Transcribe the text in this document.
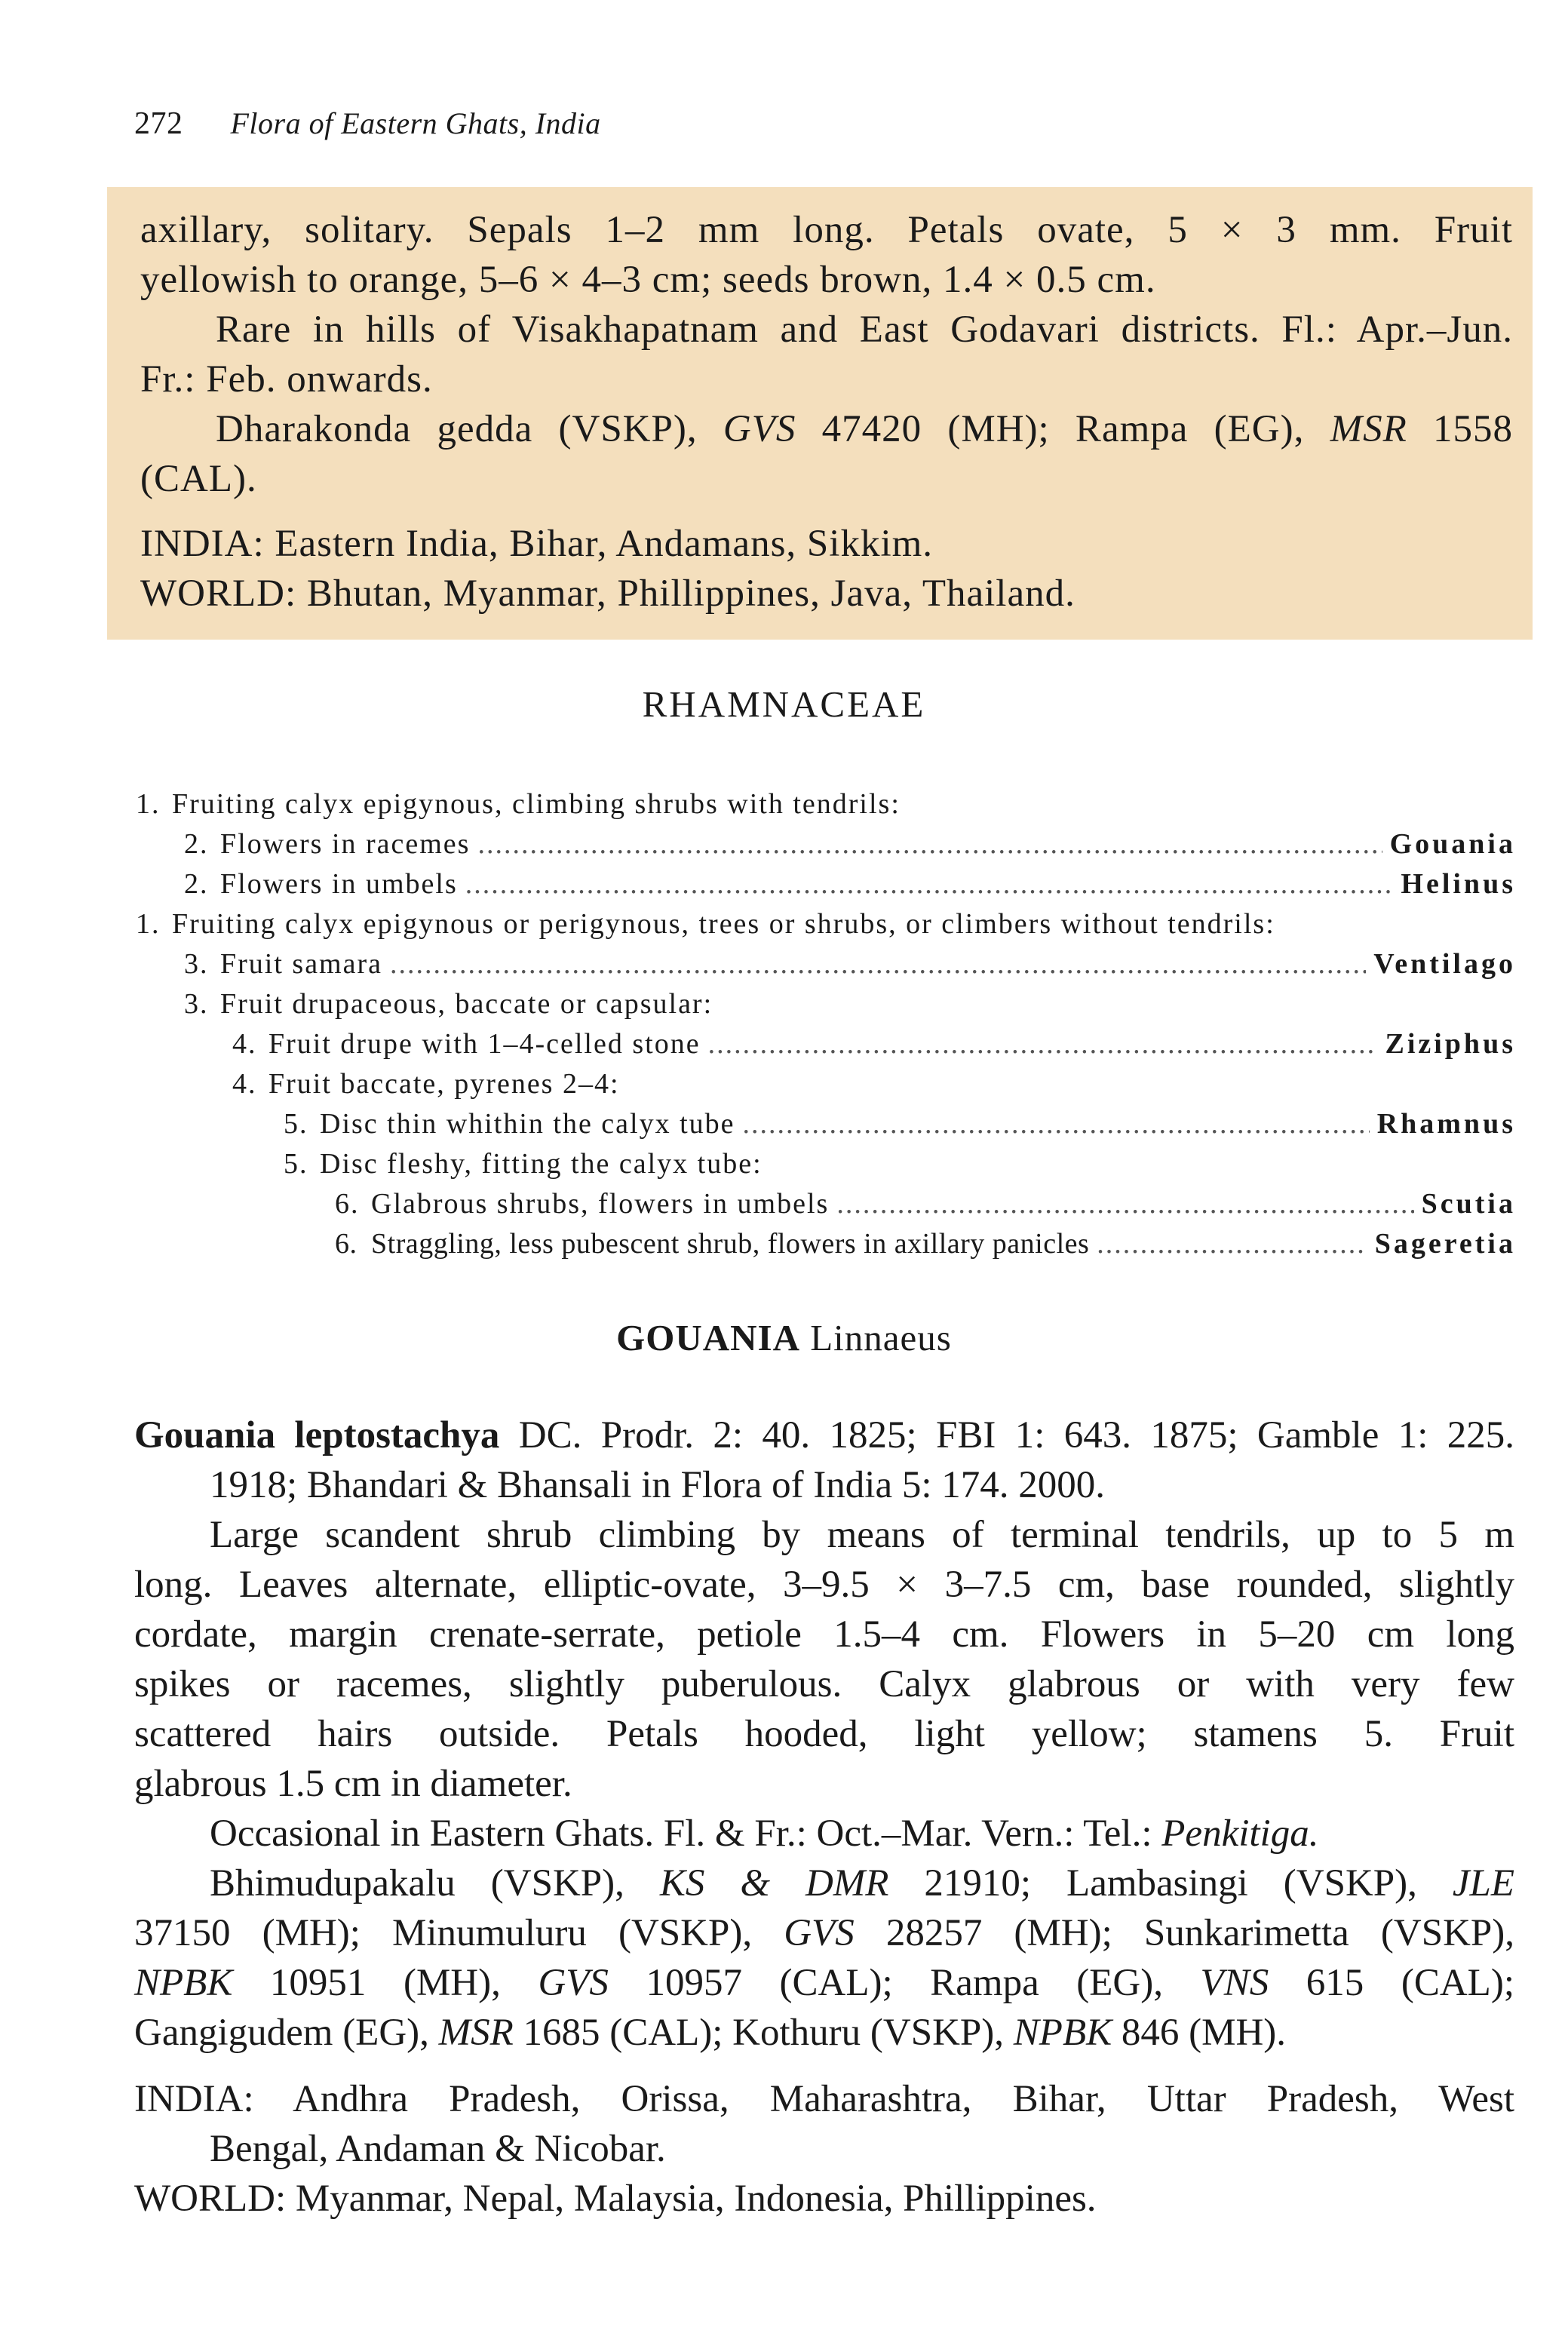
272 Flora of Eastern Ghats, India

axillary, solitary. Sepals 1–2 mm long. Petals ovate, 5 × 3 mm. Fruit

yellowish to orange, 5–6 × 4–3 cm; seeds brown, 1.4 × 0.5 cm.

Rare in hills of Visakhapatnam and East Godavari districts. Fl.: Apr.–Jun.

Fr.: Feb. onwards.

Dharakonda gedda (VSKP), GVS 47420 (MH); Rampa (EG), MSR 1558

(CAL).

INDIA: Eastern India, Bihar, Andamans, Sikkim.

WORLD: Bhutan, Myanmar, Phillippines, Java, Thailand.

RHAMNACEAE
1. Fruiting calyx epigynous, climbing shrubs with tendrils:
2. Flowers in racemes .....	Gouania
2. Flowers in umbels .....	Helinus
1. Fruiting calyx epigynous or perigynous, trees or shrubs, or climbers without tendrils:
3. Fruit samara .....	Ventilago
3. Fruit drupaceous, baccate or capsular:
4. Fruit drupe with 1–4-celled stone .....	Ziziphus
4. Fruit baccate, pyrenes 2–4:
5. Disc thin whithin the calyx tube .....	Rhamnus
5. Disc fleshy, fitting the calyx tube:
6. Glabrous shrubs, flowers in umbels .....	Scutia
6. Straggling, less pubescent shrub, flowers in axillary panicles .....	Sageretia
GOUANIA Linnaeus

Gouania leptostachya DC. Prodr. 2: 40. 1825; FBI 1: 643. 1875; Gamble 1: 225.

1918; Bhandari & Bhansali in Flora of India 5: 174. 2000.

Large scandent shrub climbing by means of terminal tendrils, up to 5 m

long. Leaves alternate, elliptic-ovate, 3–9.5 × 3–7.5 cm, base rounded, slightly

cordate, margin crenate-serrate, petiole 1.5–4 cm. Flowers in 5–20 cm long

spikes or racemes, slightly puberulous. Calyx glabrous or with very few

scattered hairs outside. Petals hooded, light yellow; stamens 5. Fruit

glabrous 1.5 cm in diameter.

Occasional in Eastern Ghats. Fl. & Fr.: Oct.–Mar. Vern.: Tel.: Penkitiga.

Bhimudupakalu (VSKP), KS & DMR 21910; Lambasingi (VSKP), JLE

37150 (MH); Minumuluru (VSKP), GVS 28257 (MH); Sunkarimetta (VSKP),

NPBK 10951 (MH), GVS 10957 (CAL); Rampa (EG), VNS 615 (CAL);

Gangigudem (EG), MSR 1685 (CAL); Kothuru (VSKP), NPBK 846 (MH).

INDIA: Andhra Pradesh, Orissa, Maharashtra, Bihar, Uttar Pradesh, West

Bengal, Andaman & Nicobar.

WORLD: Myanmar, Nepal, Malaysia, Indonesia, Phillippines.
